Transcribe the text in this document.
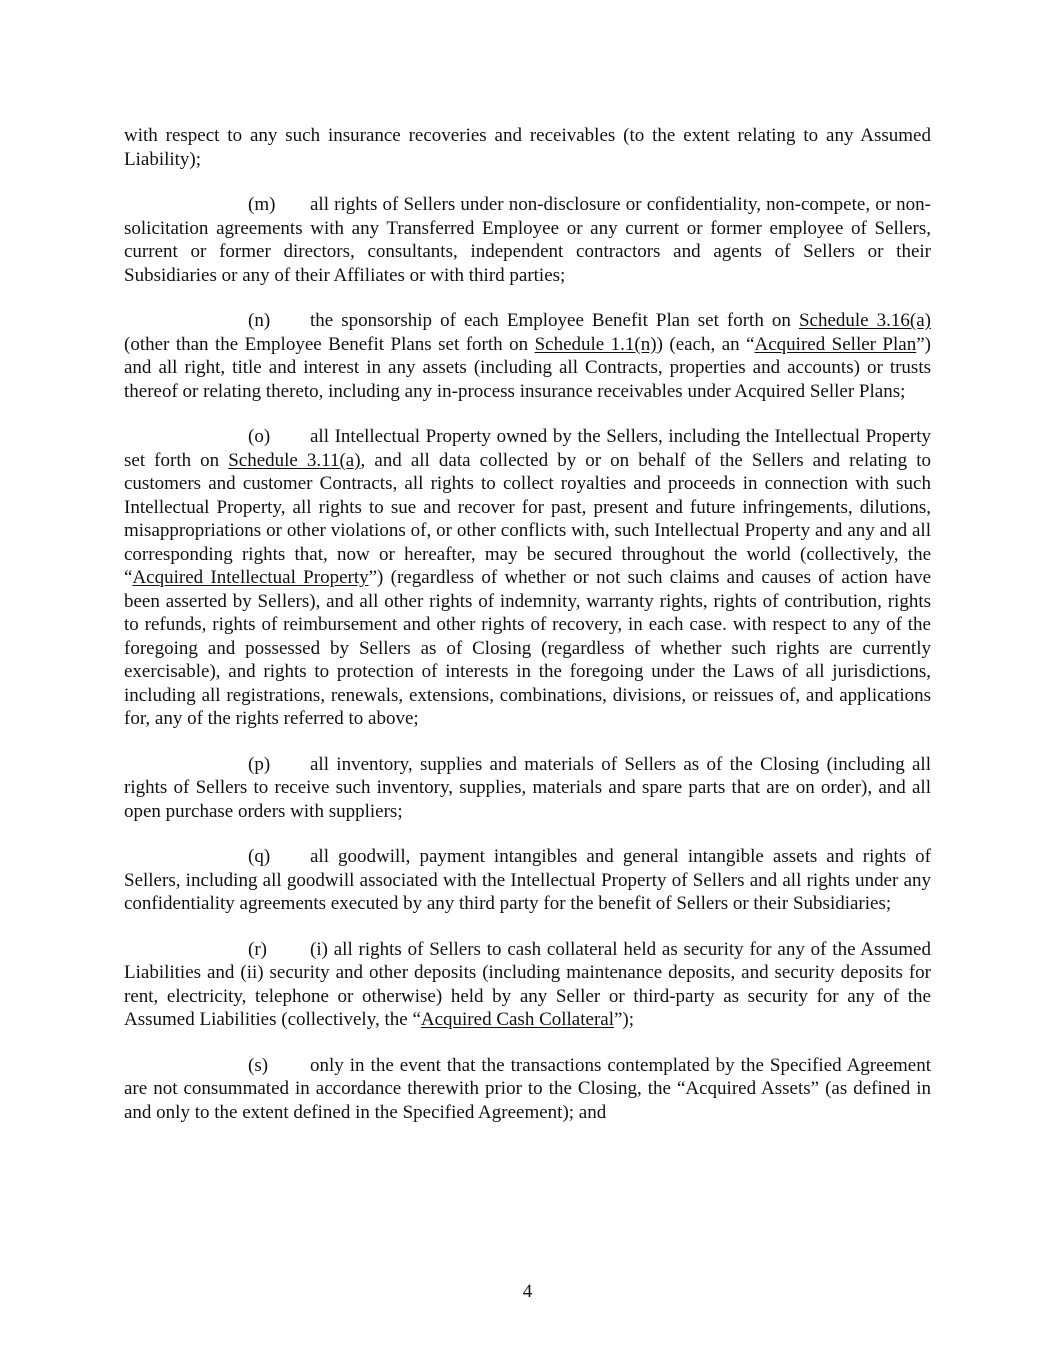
with respect to any such insurance recoveries and receivables (to the extent relating to any Assumed Liability);

(m) all rights of Sellers under non-disclosure or confidentiality, non-compete, or non-solicitation agreements with any Transferred Employee or any current or former employee of Sellers, current or former directors, consultants, independent contractors and agents of Sellers or their Subsidiaries or any of their Affiliates or with third parties;

(n) the sponsorship of each Employee Benefit Plan set forth on Schedule 3.16(a) (other than the Employee Benefit Plans set forth on Schedule 1.1(n)) (each, an “Acquired Seller Plan”) and all right, title and interest in any assets (including all Contracts, properties and accounts) or trusts thereof or relating thereto, including any in-process insurance receivables under Acquired Seller Plans;

(o) all Intellectual Property owned by the Sellers, including the Intellectual Property set forth on Schedule 3.11(a), and all data collected by or on behalf of the Sellers and relating to customers and customer Contracts, all rights to collect royalties and proceeds in connection with such Intellectual Property, all rights to sue and recover for past, present and future infringements, dilutions, misappropriations or other violations of, or other conflicts with, such Intellectual Property and any and all corresponding rights that, now or hereafter, may be secured throughout the world (collectively, the “Acquired Intellectual Property”) (regardless of whether or not such claims and causes of action have been asserted by Sellers), and all other rights of indemnity, warranty rights, rights of contribution, rights to refunds, rights of reimbursement and other rights of recovery, in each case. with respect to any of the foregoing and possessed by Sellers as of Closing (regardless of whether such rights are currently exercisable), and rights to protection of interests in the foregoing under the Laws of all jurisdictions, including all registrations, renewals, extensions, combinations, divisions, or reissues of, and applications for, any of the rights referred to above;

(p) all inventory, supplies and materials of Sellers as of the Closing (including all rights of Sellers to receive such inventory, supplies, materials and spare parts that are on order), and all open purchase orders with suppliers;

(q) all goodwill, payment intangibles and general intangible assets and rights of Sellers, including all goodwill associated with the Intellectual Property of Sellers and all rights under any confidentiality agreements executed by any third party for the benefit of Sellers or their Subsidiaries;

(r) (i) all rights of Sellers to cash collateral held as security for any of the Assumed Liabilities and (ii) security and other deposits (including maintenance deposits, and security deposits for rent, electricity, telephone or otherwise) held by any Seller or third-party as security for any of the Assumed Liabilities (collectively, the “Acquired Cash Collateral”);

(s) only in the event that the transactions contemplated by the Specified Agreement are not consummated in accordance therewith prior to the Closing, the “Acquired Assets” (as defined in and only to the extent defined in the Specified Agreement); and

4
